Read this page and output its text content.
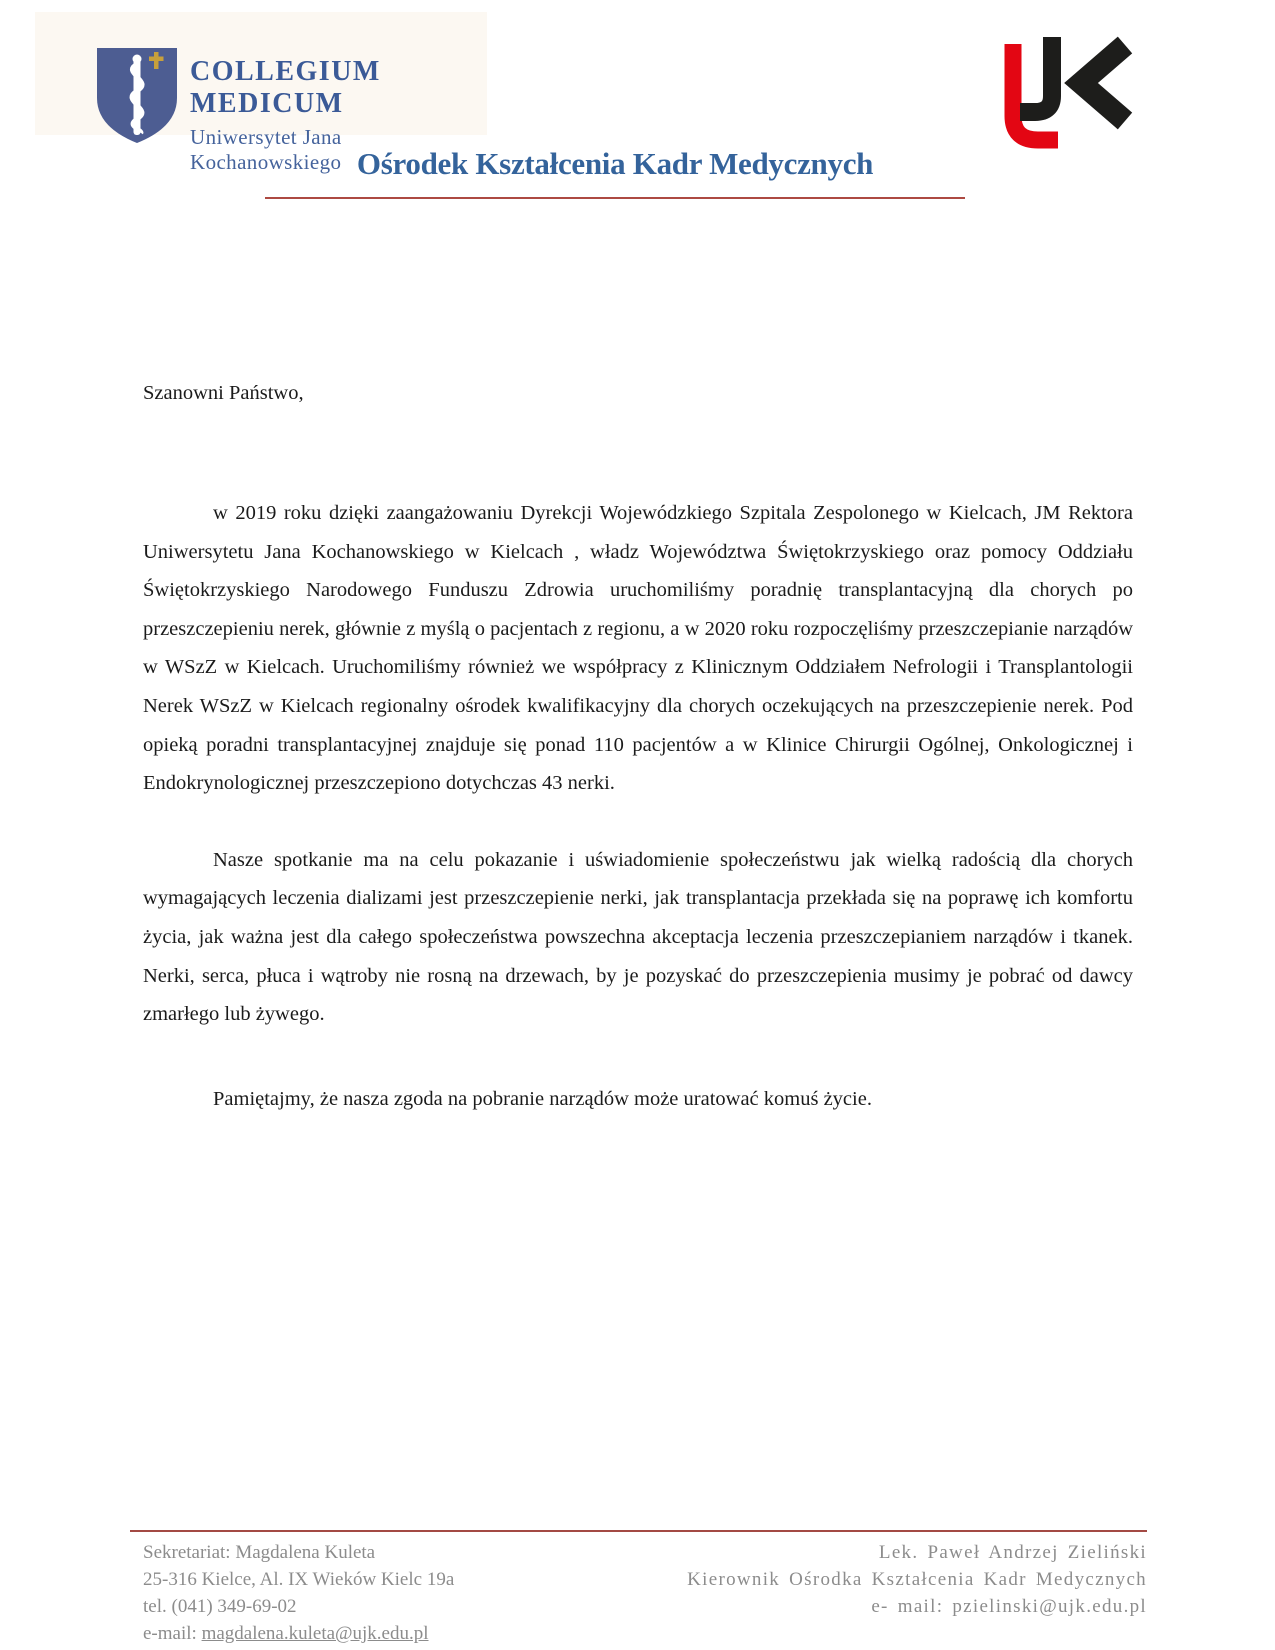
COLLEGIUM MEDICUM
Uniwersytet Jana Kochanowskiego Ośrodek Kształcenia Kadr Medycznych
Szanowni Państwo,

w 2019 roku dzięki zaangażowaniu Dyrekcji Wojewódzkiego Szpitala Zespolonego w Kielcach, JM Rektora Uniwersytetu Jana Kochanowskiego w Kielcach , władz Województwa Świętokrzyskiego oraz pomocy Oddziału Świętokrzyskiego Narodowego Funduszu Zdrowia uruchomiliśmy poradnię transplantacyjną dla chorych po przeszczepieniu nerek, głównie z myślą o pacjentach z regionu, a w 2020 roku rozpoczęliśmy przeszczepianie narządów w WSzZ w Kielcach. Uruchomiliśmy również we współpracy z Klinicznym Oddziałem Nefrologii i Transplantologii Nerek WSzZ w Kielcach regionalny ośrodek kwalifikacyjny dla chorych oczekujących na przeszczepienie nerek. Pod opieką poradni transplantacyjnej znajduje się ponad 110 pacjentów a w Klinice Chirurgii Ogólnej, Onkologicznej i Endokrynologicznej przeszczepiono dotychczas 43 nerki.

Nasze spotkanie ma na celu pokazanie i uświadomienie społeczeństwu jak wielką radością dla chorych wymagających leczenia dializami jest przeszczepienie nerki, jak transplantacja przekłada się na poprawę ich komfortu życia, jak ważna jest dla całego społeczeństwa powszechna akceptacja leczenia przeszczepianiem narządów i tkanek. Nerki, serca, płuca i wątroby nie rosną na drzewach, by je pozyskać do przeszczepienia musimy je pobrać od dawcy zmarłego lub żywego.

Pamiętajmy, że nasza zgoda na pobranie narządów może uratować komuś życie.

Sekretariat: Magdalena Kuleta
25-316 Kielce, Al. IX Wieków Kielc 19a
tel. (041) 349-69-02
e-mail: magdalena.kuleta@ujk.edu.pl
Lek. Paweł Andrzej Zieliński
Kierownik Ośrodka Kształcenia Kadr Medycznych
e- mail: pzielinski@ujk.edu.pl
